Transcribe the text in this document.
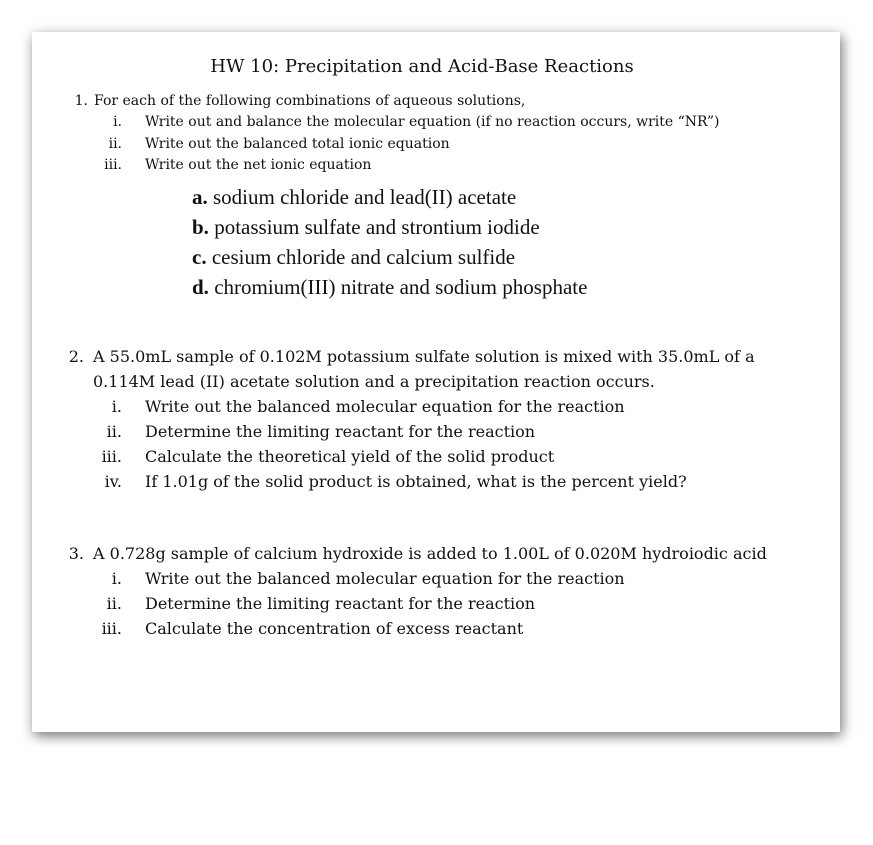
HW 10: Precipitation and Acid-Base Reactions
1. For each of the following combinations of aqueous solutions,
i. Write out and balance the molecular equation (if no reaction occurs, write “NR”)
ii. Write out the balanced total ionic equation
iii. Write out the net ionic equation
a. sodium chloride and lead(II) acetate
b. potassium sulfate and strontium iodide
c. cesium chloride and calcium sulfide
d. chromium(III) nitrate and sodium phosphate
2. A 55.0mL sample of 0.102M potassium sulfate solution is mixed with 35.0mL of a
0.114M lead (II) acetate solution and a precipitation reaction occurs.
i. Write out the balanced molecular equation for the reaction
ii. Determine the limiting reactant for the reaction
iii. Calculate the theoretical yield of the solid product
iv. If 1.01g of the solid product is obtained, what is the percent yield?
3. A 0.728g sample of calcium hydroxide is added to 1.00L of 0.020M hydroiodic acid
i. Write out the balanced molecular equation for the reaction
ii. Determine the limiting reactant for the reaction
iii. Calculate the concentration of excess reactant
